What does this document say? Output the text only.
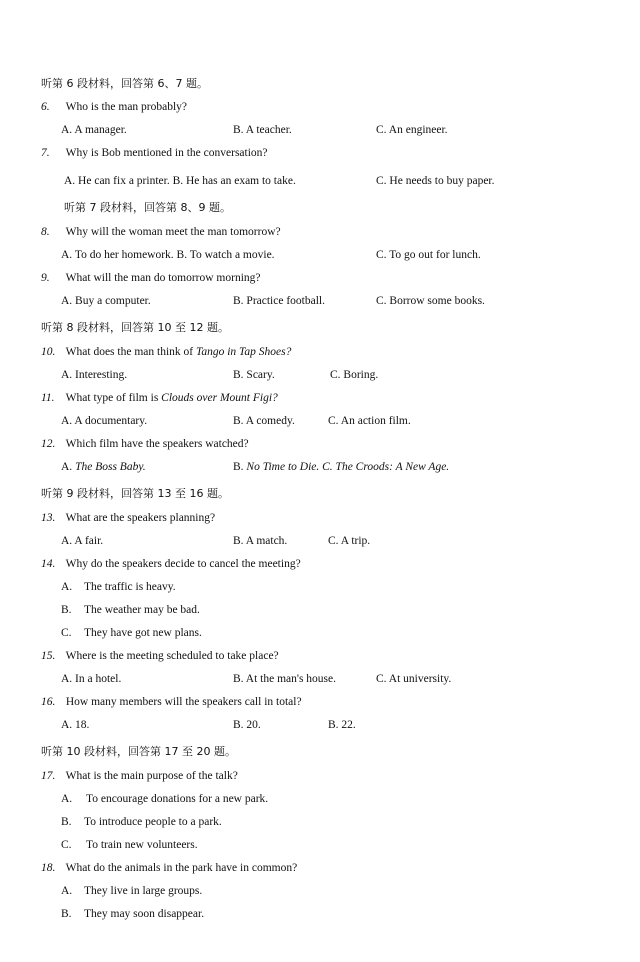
听第 6 段材料，回答第 6、7 题。
6. Who is the man probably?
A. A manager.	B. A teacher.	C. An engineer.
7. Why is Bob mentioned in the conversation?
A. He can fix a printer. B. He has an exam to take.	C. He needs to buy paper.
听第 7 段材料，回答第 8、9 题。
8. Why will the woman meet the man tomorrow?
A. To do her homework. B. To watch a movie.	C. To go out for lunch.
9. What will the man do tomorrow morning?
A. Buy a computer.	B. Practice football.	C. Borrow some books.
听第 8 段材料，回答第 10 至 12 题。
10. What does the man think of Tango in Tap Shoes?
A. Interesting.	B. Scary.	C. Boring.
11. What type of film is Clouds over Mount Figi?
A. A documentary.	B. A comedy.	C. An action film.
12. Which film have the speakers watched?
A. The Boss Baby.	B. No Time to Die. C. The Croods: A New Age.
听第 9 段材料，回答第 13 至 16 题。
13. What are the speakers planning?
A. A fair.	B. A match.	C. A trip.
14. Why do the speakers decide to cancel the meeting?
A. The traffic is heavy.
B. The weather may be bad.
C. They have got new plans.
15. Where is the meeting scheduled to take place?
A. In a hotel.	B. At the man's house.	C. At university.
16. How many members will the speakers call in total?
A. 18.	B. 20.	B. 22.
听第 10 段材料，回答第 17 至 20 题。
17. What is the main purpose of the talk?
A. To encourage donations for a new park.
B. To introduce people to a park.
C. To train new volunteers.
18. What do the animals in the park have in common?
A. They live in large groups.
B. They may soon disappear.
